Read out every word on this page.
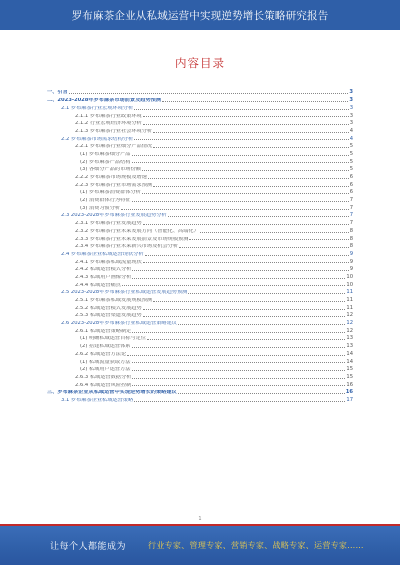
罗布麻茶企业从私域运营中实现逆势增长策略研究报告
内容目录
一、引言	3
二、2023-2028年罗布麻茶市场前景及趋势预测	3
2.1 罗布麻茶行业宏观环境分析	3
2.1.1 罗布麻茶行业政策环境	3
2.1.2 行业宏观经济环境分析	3
2.1.3 罗布麻茶行业社会环境分析	4
2.2 罗布麻茶市场需求结构分析	4
2.2.1 罗布麻茶行业细分产品情况	5
(1) 罗布麻茶细分产品	5
(2) 罗布麻茶产品结构	5
(3) 各细分产品的市场份额	5
2.2.2 罗布麻茶市场规模及增速	6
2.2.3 罗布麻茶行业市场需求预测	6
(1) 罗布麻茶消费群体分析	6
(2) 消费群体行为特征	7
(3) 消费习惯分析	7
2.3 2023-2028年罗布麻茶行业发展趋势分析	7
2.3.1 罗布麻茶行业发展趋势	7
2.3.2 罗布麻茶行业未来发展方向（智能化、高端化）	8
2.3.3 罗布麻茶行业未来发展前景及市场规模预测	8
2.3.4 罗布麻茶行业未来新兴市场及机会分析	8
2.4 罗布麻茶企业私域运营现状分析	9
2.4.1 罗布麻茶私域流量现状	9
2.4.2 私域运营模式分析	9
2.4.3 私域用户画像分析	10
2.4.4 私域运营痛点	10
2.5 2023-2028年罗布麻茶行业私域运营发展趋势预测	11
2.5.1 罗布麻茶私域发展规模预测	11
2.5.2 私域运营模式发展趋势	11
2.5.3 私域运营渠道发展趋势	12
2.6 2023-2028年罗布麻茶行业私域运营策略建议	12
2.6.1 私域运营策略制定	12
(1) 明确私域运营目标与定位	13
(2) 搭建私域运营体系	13
2.6.2 私域运营方法论	14
(1) 私域流量获取方法	14
(2) 私域用户运营方法	15
2.6.3 私域运营数据分析	15
2.6.4 私域运营风险控制	16
三、罗布麻茶企业从私域运营中实现逆势增长的策略建议	16
3.1 罗布麻茶企业私域运营策略	17
1
让每个人都能成为	行业专家、管理专家、营销专家、战略专家、运营专家……
